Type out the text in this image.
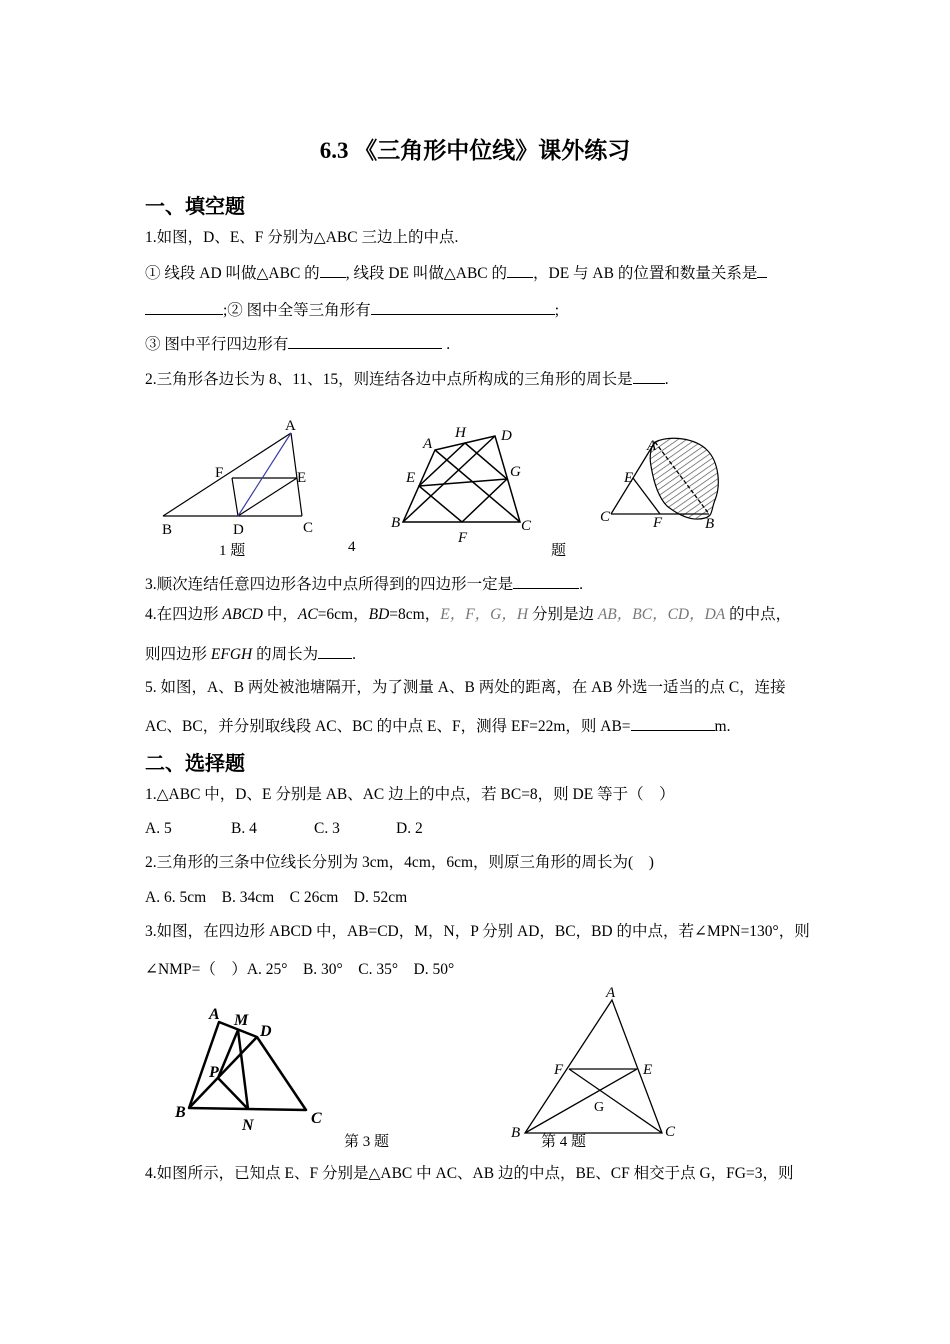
6.3 《三角形中位线》课外练习
一、填空题
1.如图，D、E、F 分别为△ABC 三边上的中点.
① 线段 AD 叫做△ABC 的 , 线段 DE 叫做△ABC 的 ，DE 与 AB 的位置和数量关系是
;② 图中全等三角形有	;
③ 图中平行四边形有	.
2.三角形各边长为 8、11、15，则连结各边中点所构成的三角形的周长是 .
A
B	C
D
E
F
A
H D
E	G
B
F
C
A
E
C	F	B
1 题	4	题
3.顺次连结任意四边形各边中点所得到的四边形一定是	.
4.在四边形 ABCD 中，AC=6cm，BD=8cm，E，F，G，H 分别是边 AB，BC，CD，DA 的中点，
则四边形 EFGH 的周长为 .
5. 如图，A、B 两处被池塘隔开，为了测量 A、B 两处的距离，在 AB 外选一适当的点 C，连接
AC、BC，并分别取线段 AC、BC 的中点 E、F，测得 EF=22m，则 AB=	m.
二、选择题
1.△ABC 中，D、E 分别是 AB、AC 边上的中点，若 BC=8，则 DE 等于（　）
A. 5	B. 4	C. 3	D. 2
2.三角形的三条中位线长分别为 3cm，4cm，6cm，则原三角形的周长为(　)
A. 6. 5cm　B. 34cm　C 26cm　D. 52cm
3.如图，在四边形 ABCD 中，AB=CD，M，N，P 分别 AD，BC，BD 的中点，若∠MPN=130°，则
∠NMP=（　）A. 25°　B. 30°　C. 35°　D. 50°
A M
D
P
B
N	C
A
F	E
G
B	C
第 3 题	第 4 题
4.如图所示，已知点 E、F 分别是△ABC 中 AC、AB 边的中点，BE、CF 相交于点 G，FG=3，则
